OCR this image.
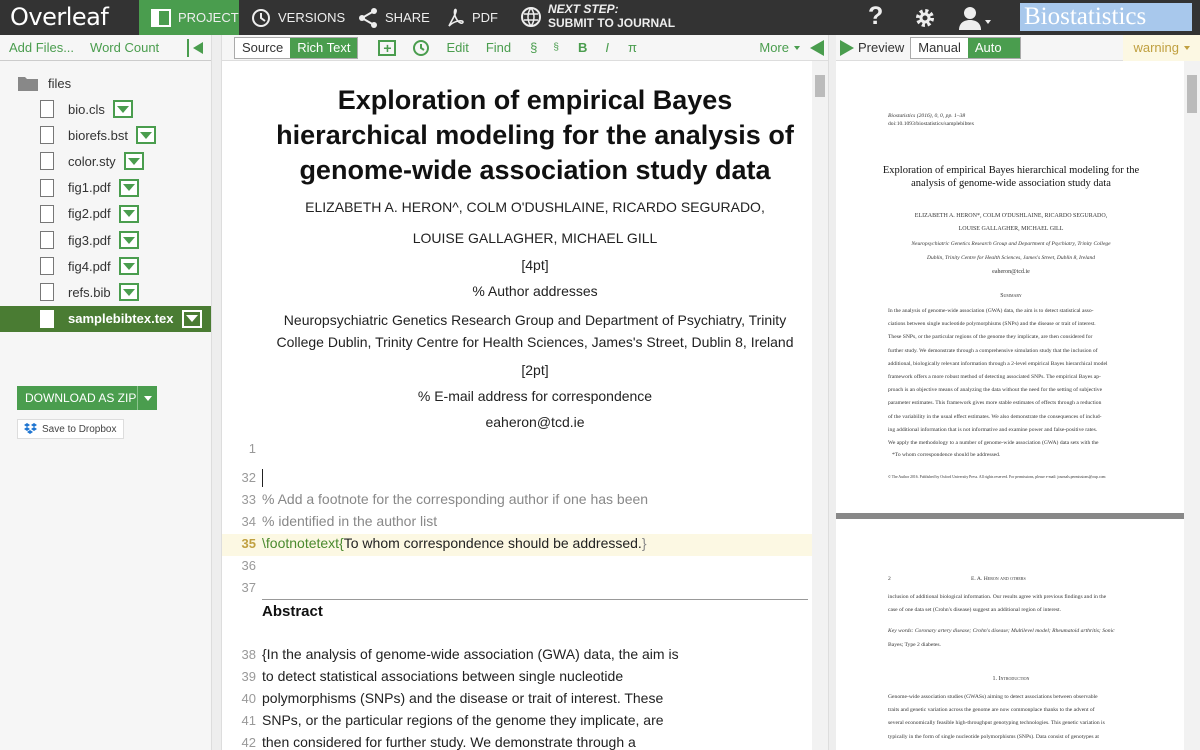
Overleaf	PROJECT	VERSIONS	SHARE	PDF
NEXT STEP:
SUBMIT TO JOURNAL	?	Biostatistics
Add Files... Word Count
files
bio.cls
biorefs.bst
color.sty
fig1.pdf
fig2.pdf
fig3.pdf
fig4.pdf
refs.bib
samplebibtex.tex
DOWNLOAD AS ZIP
Save to Dropbox
Source	Rich Text	+	Edit Find § § B I π	More
Exploration of empirical Bayes hierarchical modeling for the analysis of genome-wide association study data
ELIZABETH A. HERON^, COLM O'DUSHLAINE, RICARDO SEGURADO,
LOUISE GALLAGHER, MICHAEL GILL
[4pt]
% Author addresses
Neuropsychiatric Genetics Research Group and Department of Psychiatry, Trinity College Dublin, Trinity Centre for Health Sciences, James's Street, Dublin 8, Ireland
[2pt]
% E-mail address for correspondence
eaheron@tcd.ie
1
32
33 % Add a footnote for the corresponding author if one has been
34 % identified in the author list
35 \footnotetext{To whom correspondence should be addressed.}
36
37
38 {In the analysis of genome-wide association (GWA) data, the aim is
39 to detect statistical associations between single nucleotide
40 polymorphisms (SNPs) and the disease or trait of interest. These
41 SNPs, or the particular regions of the genome they implicate, are
42 then considered for further study. We demonstrate through a
Abstract
Preview	Manual	Auto	warning
Biostatistics (2016), 0, 0, pp. 1–38
doi:10.1093/biostatistics/samplebibtex
Exploration of empirical Bayes hierarchical modeling for the analysis of genome-wide association study data
ELIZABETH A. HERON*, COLM O'DUSHLAINE, RICARDO SEGURADO,
LOUISE GALLAGHER, MICHAEL GILL
Neuropsychiatric Genetics Research Group and Department of Psychiatry, Trinity College
Dublin, Trinity Centre for Health Sciences, James's Street, Dublin 8, Ireland
eaheron@tcd.ie
Summary
In the analysis of genome-wide association (GWA) data, the aim is to detect statistical asso-
ciations between single nucleotide polymorphisms (SNPs) and the disease or trait of interest.
These SNPs, or the particular regions of the genome they implicate, are then considered for
further study. We demonstrate through a comprehensive simulation study that the inclusion of
additional, biologically relevant information through a 2-level empirical Bayes hierarchical model
framework offers a more robust method of detecting associated SNPs. The empirical Bayes ap-
proach is an objective means of analyzing the data without the need for the setting of subjective
parameter estimates. This framework gives more stable estimates of effects through a reduction
of the variability in the usual effect estimates. We also demonstrate the consequences of includ-
ing additional information that is not informative and examine power and false-positive rates.
We apply the methodology to a number of genome-wide association (GWA) data sets with the
*To whom correspondence should be addressed.
© The Author 2016. Published by Oxford University Press. All rights reserved. For permissions, please e-mail: journals.permissions@oup.com
2	E. A. Heron and others
inclusion of additional biological information. Our results agree with previous findings and in the
case of one data set (Crohn's disease) suggest an additional region of interest.
Key words: Coronary artery disease; Crohn's disease; Multilevel model; Rheumatoid arthritis; Sonic
Bayes; Type 2 diabetes.
1. Introduction
Genome-wide association studies (GWASs) aiming to detect associations between observable
traits and genetic variation across the genome are now commonplace thanks to the advent of
several economically feasible high-throughput genotyping technologies. This genetic variation is
typically in the form of single nucleotide polymorphisms (SNPs). Data consist of genotypes at
